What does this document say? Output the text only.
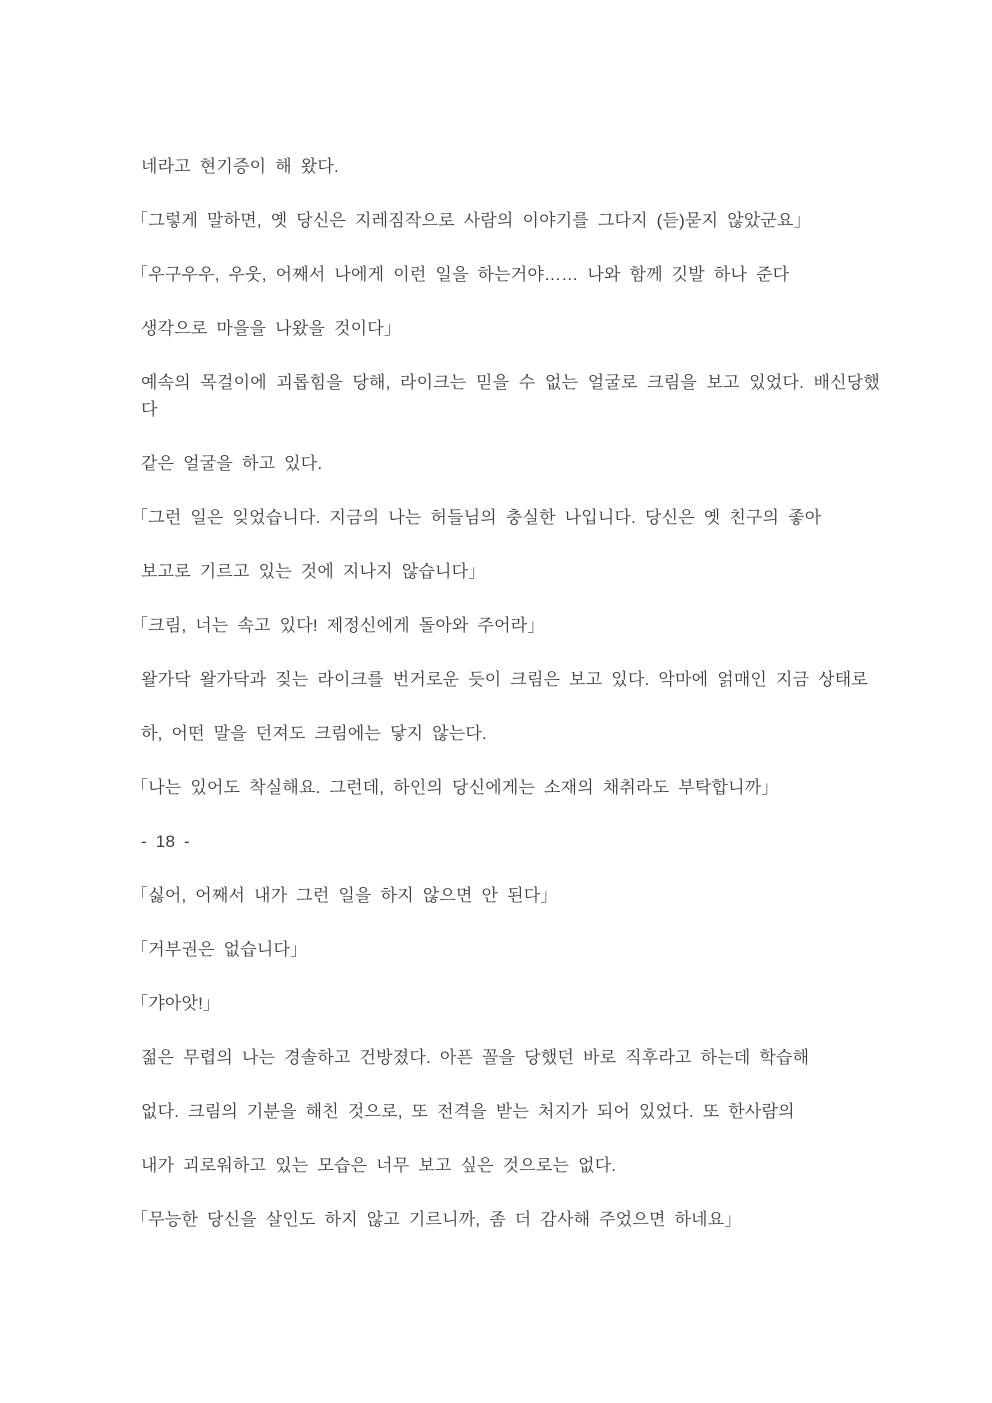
네라고 현기증이 해 왔다.
「그렇게 말하면, 옛 당신은 지레짐작으로 사람의 이야기를 그다지 (듣)묻지 않았군요」
「우구우우, 우웃, 어째서 나에게 이런 일을 하는거야…… 나와 함께 깃발 하나 준다
생각으로 마을을 나왔을 것이다」
예속의 목걸이에 괴롭힘을 당해, 라이크는 믿을 수 없는 얼굴로 크림을 보고 있었다. 배신당했다
같은 얼굴을 하고 있다.
「그런 일은 잊었습니다. 지금의 나는 허들님의 충실한 나입니다. 당신은 옛 친구의 좋아
보고로 기르고 있는 것에 지나지 않습니다」
「크림, 너는 속고 있다! 제정신에게 돌아와 주어라」
왈가닥 왈가닥과 짖는 라이크를 번거로운 듯이 크림은 보고 있다. 악마에 얽매인 지금 상태로
하, 어떤 말을 던져도 크림에는 닿지 않는다.
「나는 있어도 착실해요. 그런데, 하인의 당신에게는 소재의 채취라도 부탁합니까」
- 18 -
「싫어, 어째서 내가 그런 일을 하지 않으면 안 된다」
「거부권은 없습니다」
「갸아앗!」
젊은 무렵의 나는 경솔하고 건방졌다. 아픈 꼴을 당했던 바로 직후라고 하는데 학습해
없다. 크림의 기분을 해친 것으로, 또 전격을 받는 처지가 되어 있었다. 또 한사람의
내가 괴로워하고 있는 모습은 너무 보고 싶은 것으로는 없다.
「무능한 당신을 살인도 하지 않고 기르니까, 좀 더 감사해 주었으면 하네요」
